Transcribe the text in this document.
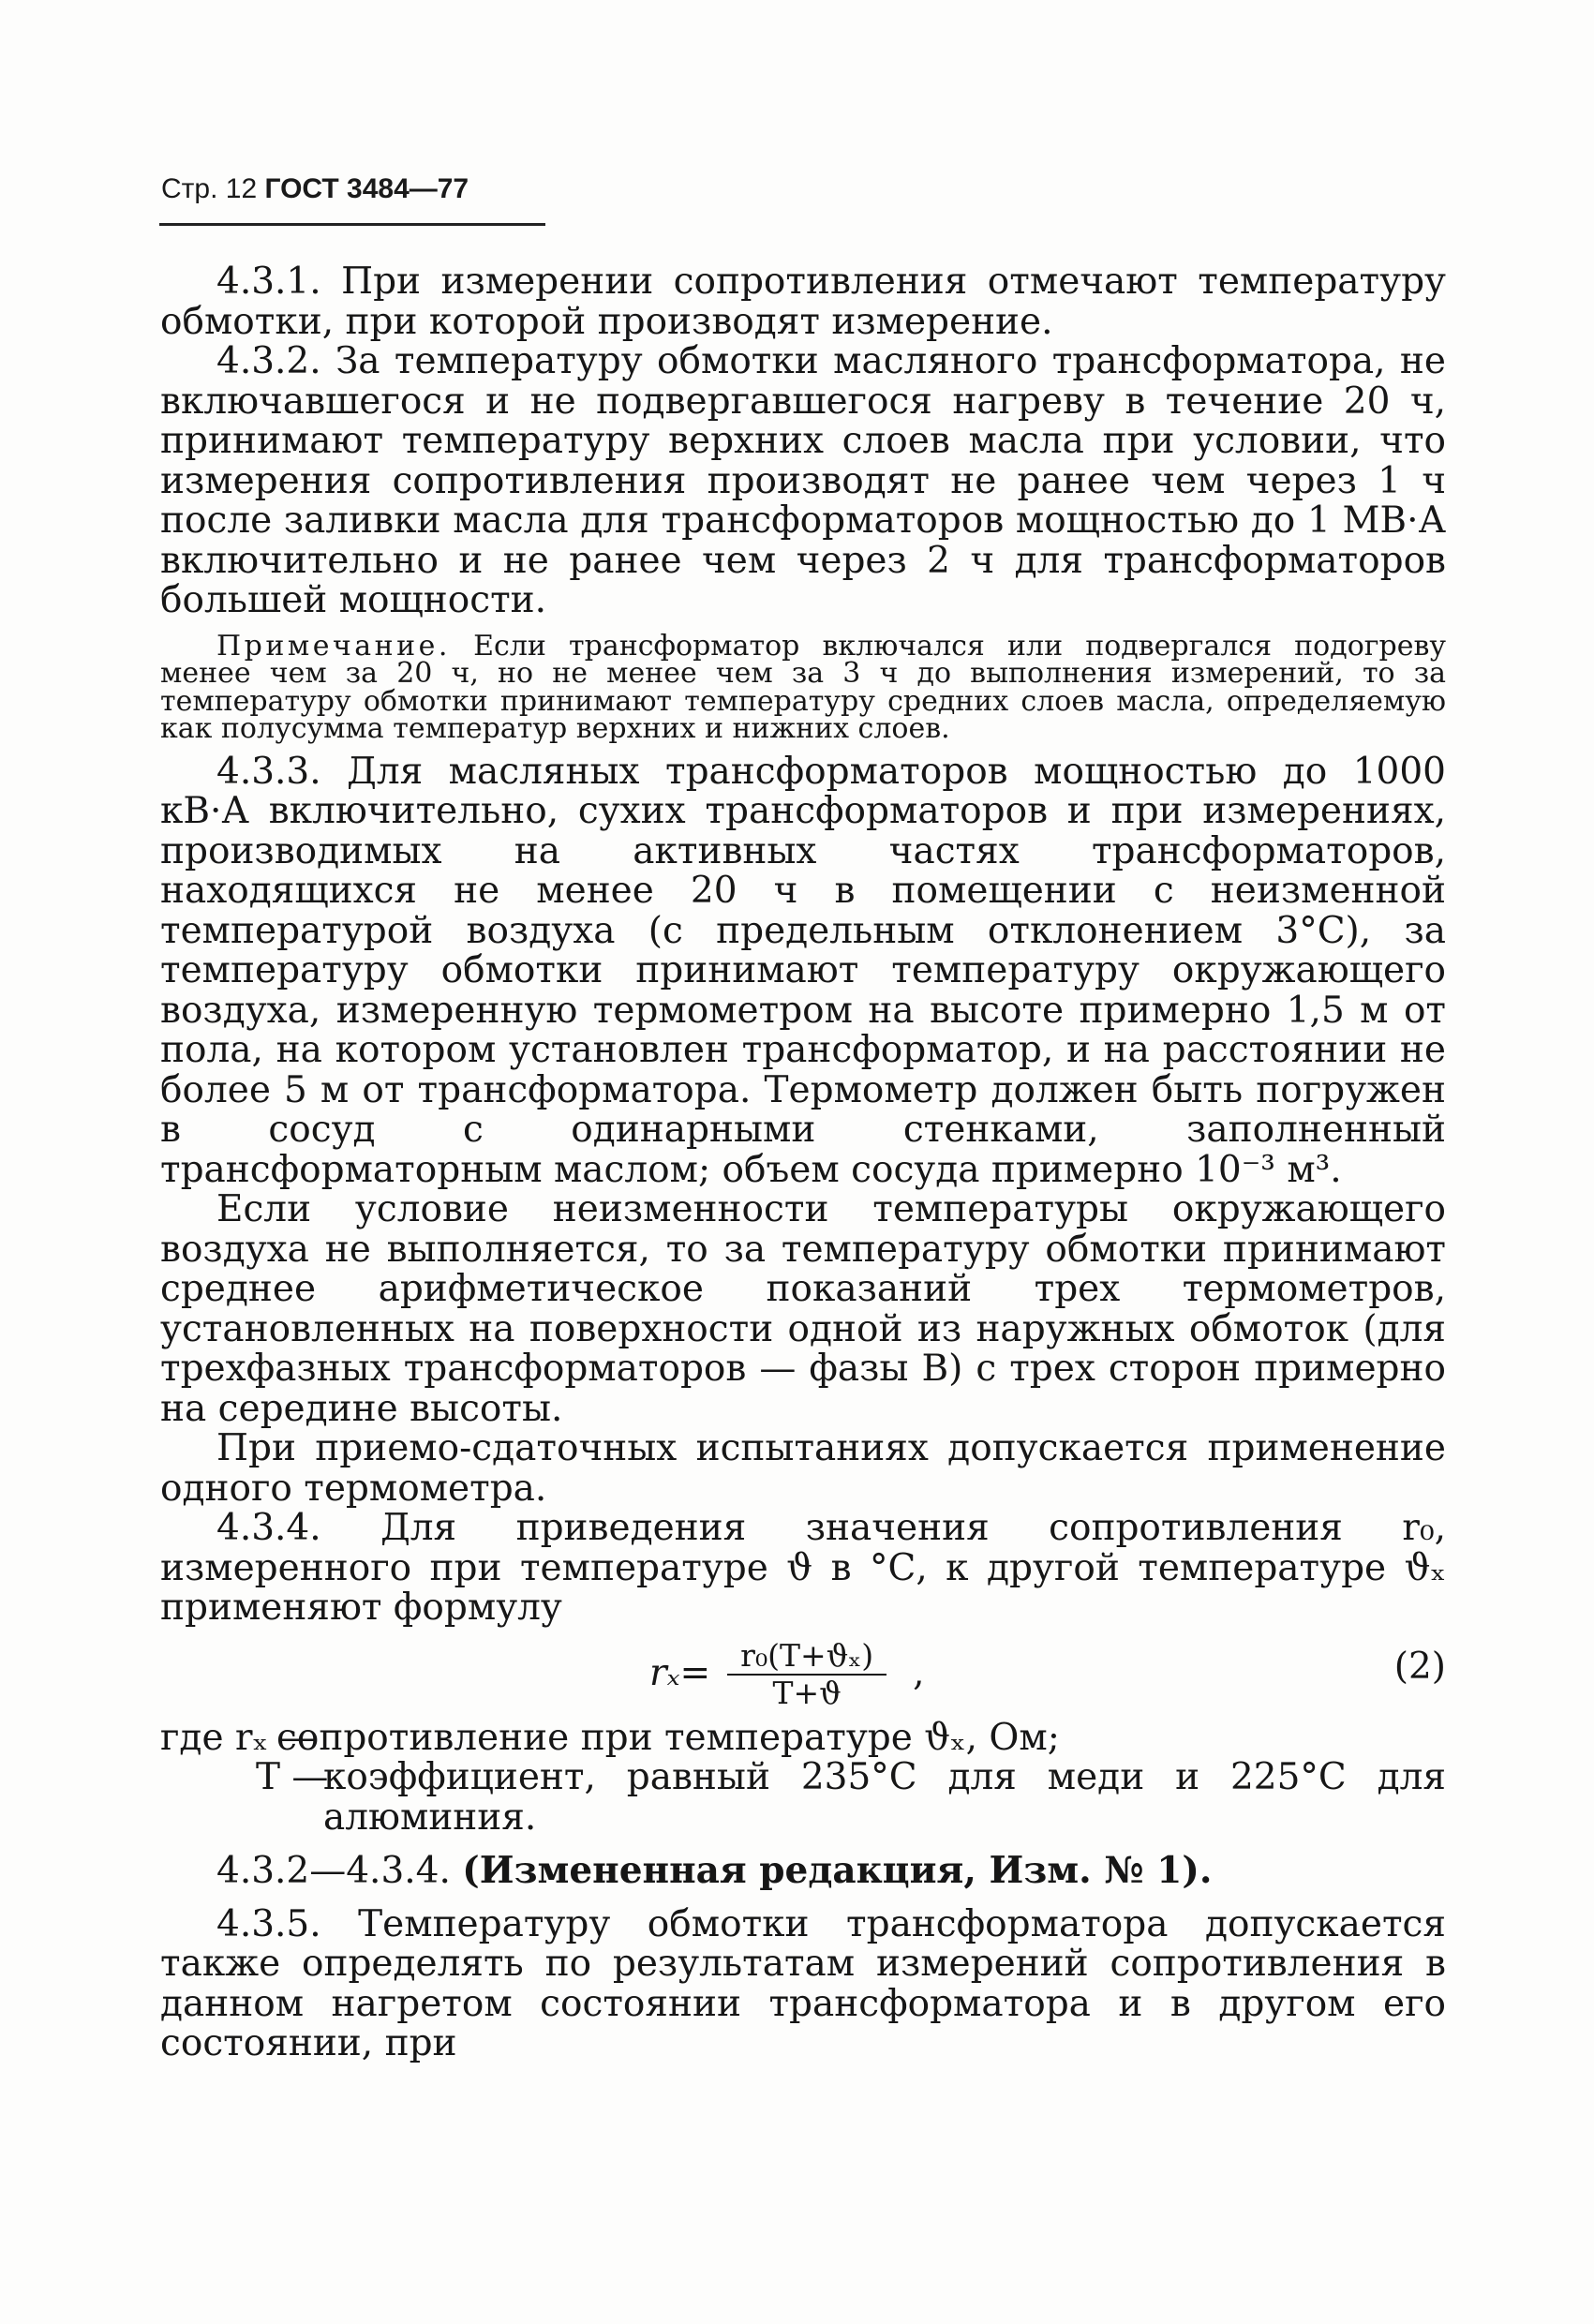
Стр. 12 ГОСТ 3484—77

4.3.1. При измерении сопротивления отмечают температуру обмотки, при которой производят измерение.

4.3.2. За температуру обмотки масляного трансформатора, не включавшегося и не подвергавшегося нагреву в течение 20 ч, принимают температуру верхних слоев масла при условии, что измерения сопротивления производят не ранее чем через 1 ч после заливки масла для трансформаторов мощностью до 1 МВ·А включительно и не ранее чем через 2 ч для трансформаторов большей мощности.

Примечание. Если трансформатор включался или подвергался подогреву менее чем за 20 ч, но не менее чем за 3 ч до выполнения измерений, то за температуру обмотки принимают температуру средних слоев масла, определяемую как полусумма температур верхних и нижних слоев.

4.3.3. Для масляных трансформаторов мощностью до 1000 кВ·А включительно, сухих трансформаторов и при измерениях, производимых на активных частях трансформаторов, находящихся не менее 20 ч в помещении с неизменной температурой воздуха (с предельным отклонением 3°С), за температуру обмотки принимают температуру окружающего воздуха, измеренную термометром на высоте примерно 1,5 м от пола, на котором установлен трансформатор, и на расстоянии не более 5 м от трансформатора. Термометр должен быть погружен в сосуд с одинарными стенками, заполненный трансформаторным маслом; объем сосуда примерно 10⁻³ м³.

Если условие неизменности температуры окружающего воздуха не выполняется, то за температуру обмотки принимают среднее арифметическое показаний трех термометров, установленных на поверхности одной из наружных обмоток (для трехфазных трансформаторов — фазы В) с трех сторон примерно на середине высоты.

При приемо-сдаточных испытаниях допускается применение одного термометра.

4.3.4. Для приведения значения сопротивления r₀, измеренного при температуре ϑ в °С, к другой температуре ϑₓ применяют формулу

$r_x= \frac{\text{r₀(T+ϑₓ)}}{T+ϑ}$ ,	(2)
где rₓ —
сопротивление при температуре ϑₓ, Ом;
T —
коэффициент, равный 235°С для меди и 225°С для алюминия.

4.3.2—4.3.4. (Измененная редакция, Изм. № 1).

4.3.5. Температуру обмотки трансформатора допускается также определять по результатам измерений сопротивления в данном нагретом состоянии трансформатора и в другом его состоянии, при
